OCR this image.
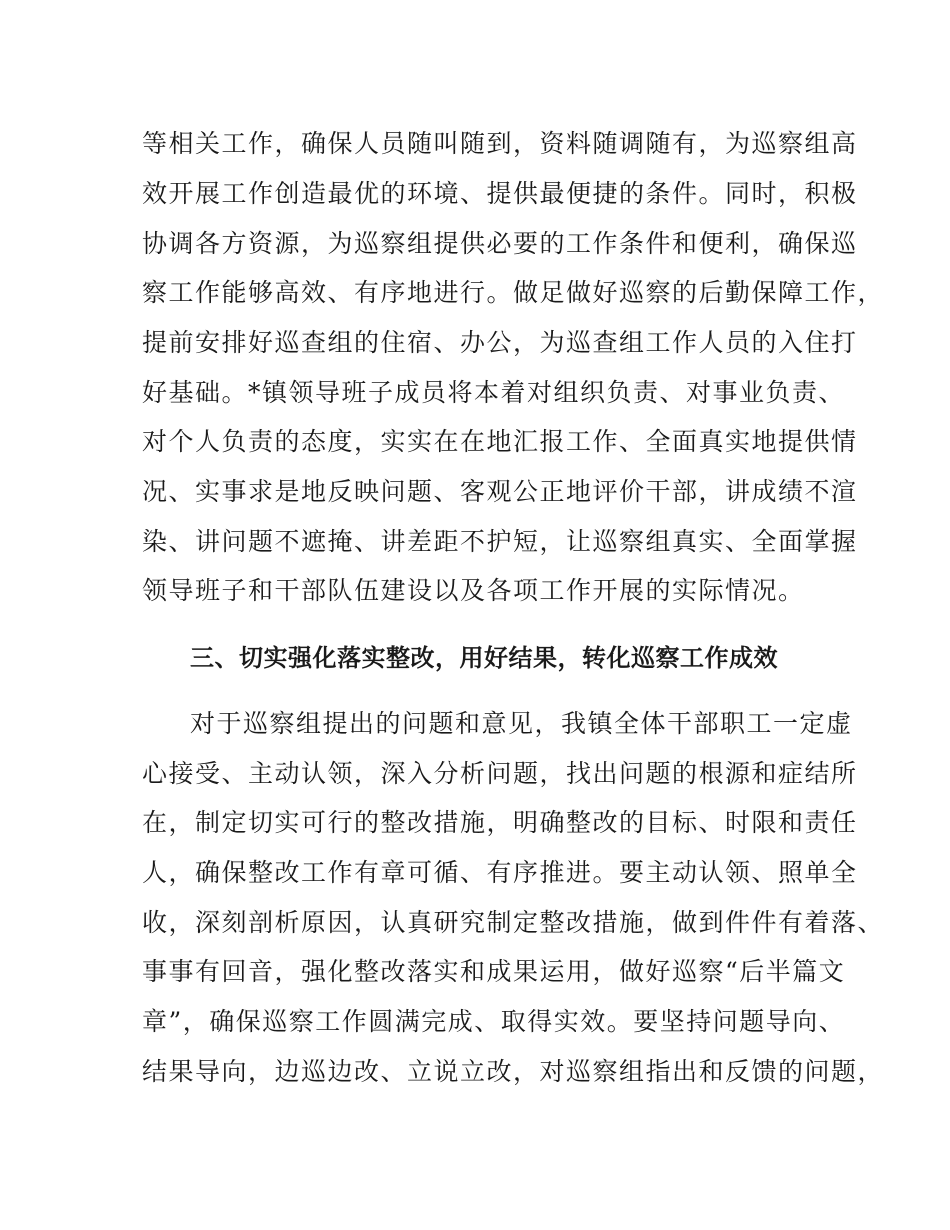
等相关工作，确保人员随叫随到，资料随调随有，为巡察组高
效开展工作创造最优的环境、提供最便捷的条件。同时，积极
协调各方资源，为巡察组提供必要的工作条件和便利，确保巡
察工作能够高效、有序地进行。做足做好巡察的后勤保障工作，
提前安排好巡查组的住宿、办公，为巡查组工作人员的入住打
好基础。*镇领导班子成员将本着对组织负责、对事业负责、
对个人负责的态度，实实在在地汇报工作、全面真实地提供情
况、实事求是地反映问题、客观公正地评价干部，讲成绩不渲
染、讲问题不遮掩、讲差距不护短，让巡察组真实、全面掌握
领导班子和干部队伍建设以及各项工作开展的实际情况。
三、切实强化落实整改，用好结果，转化巡察工作成效
对于巡察组提出的问题和意见，我镇全体干部职工一定虚
心接受、主动认领，深入分析问题，找出问题的根源和症结所
在，制定切实可行的整改措施，明确整改的目标、时限和责任
人，确保整改工作有章可循、有序推进。要主动认领、照单全
收，深刻剖析原因，认真研究制定整改措施，做到件件有着落、
事事有回音，强化整改落实和成果运用，做好巡察“后半篇文
章”，确保巡察工作圆满完成、取得实效。要坚持问题导向、
结果导向，边巡边改、立说立改，对巡察组指出和反馈的问题，
